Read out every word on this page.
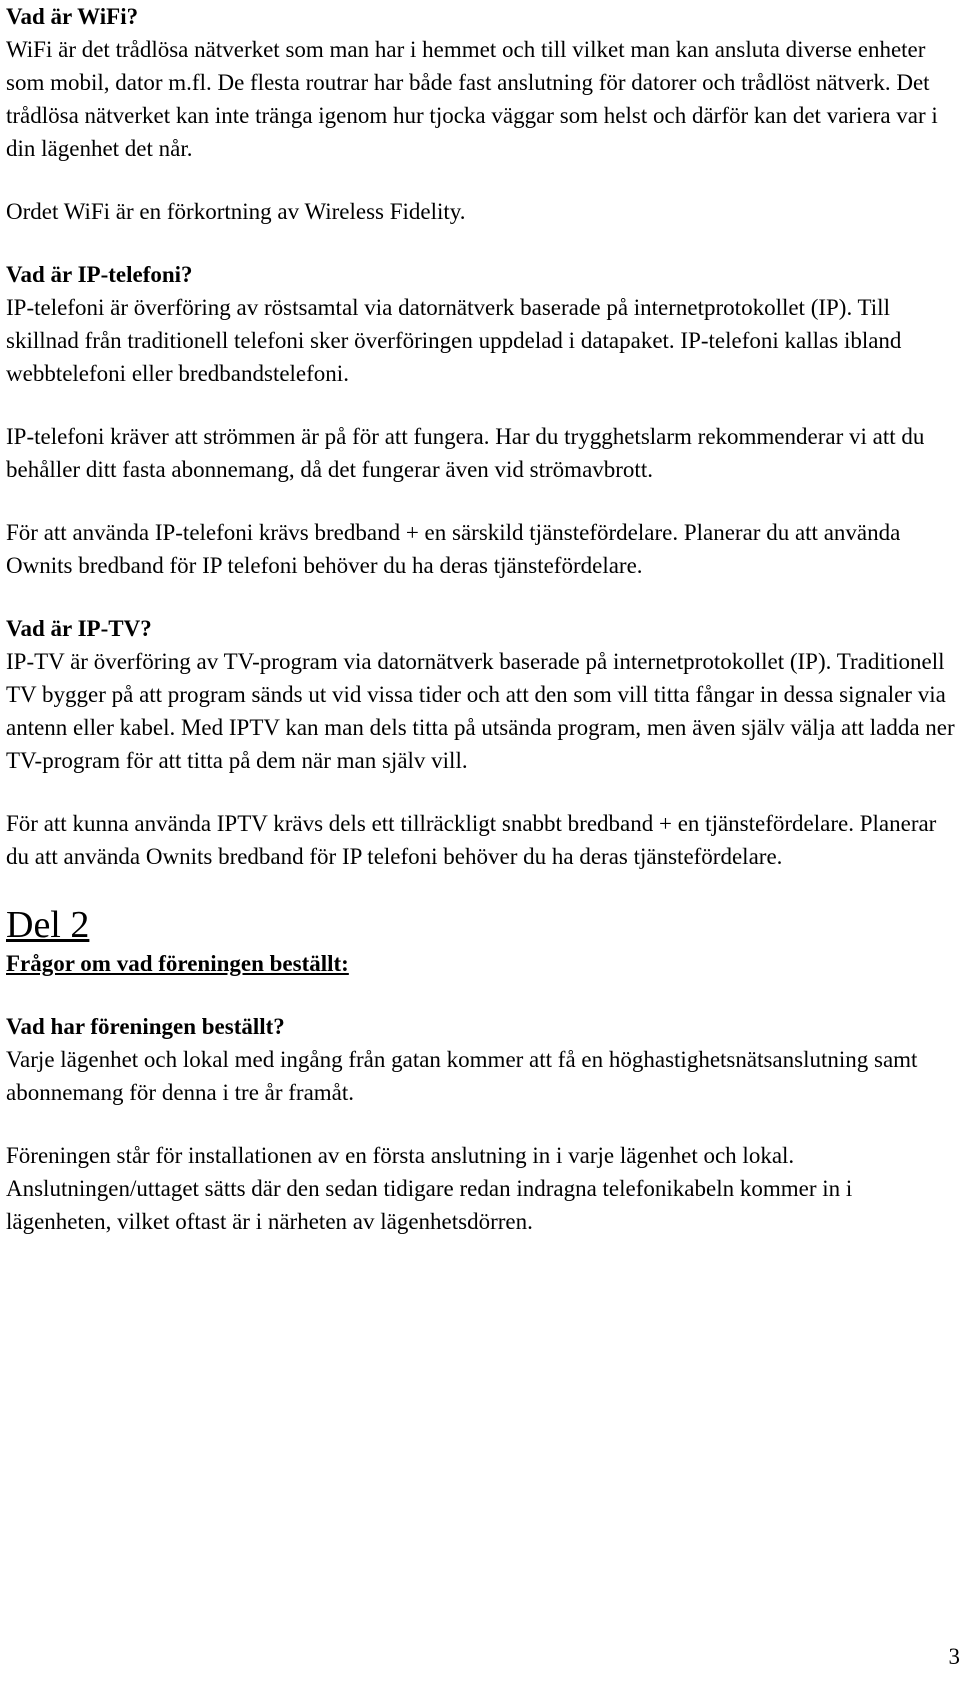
Vad är WiFi?

WiFi är det trådlösa nätverket som man har i hemmet och till vilket man kan ansluta diverse enheter som mobil, dator m.fl. De flesta routrar har både fast anslutning för datorer och trådlöst nätverk. Det trådlösa nätverket kan inte tränga igenom hur tjocka väggar som helst och därför kan det variera var i din lägenhet det når.

Ordet WiFi är en förkortning av Wireless Fidelity.

Vad är IP-telefoni?

IP-telefoni är överföring av röstsamtal via datornätverk baserade på internetprotokollet (IP). Till skillnad från traditionell telefoni sker överföringen uppdelad i datapaket. IP-telefoni kallas ibland webbtelefoni eller bredbandstelefoni.

IP-telefoni kräver att strömmen är på för att fungera. Har du trygghetslarm rekommenderar vi att du behåller ditt fasta abonnemang, då det fungerar även vid strömavbrott.

För att använda IP-telefoni krävs bredband + en särskild tjänstefördelare. Planerar du att använda Ownits bredband för IP telefoni behöver du ha deras tjänstefördelare.

Vad är IP-TV?

IP-TV är överföring av TV-program via datornätverk baserade på internetprotokollet (IP). Traditionell TV bygger på att program sänds ut vid vissa tider och att den som vill titta fångar in dessa signaler via antenn eller kabel. Med IPTV kan man dels titta på utsända program, men även själv välja att ladda ner TV-program för att titta på dem när man själv vill.

För att kunna använda IPTV krävs dels ett tillräckligt snabbt bredband + en tjänstefördelare. Planerar du att använda Ownits bredband för IP telefoni behöver du ha deras tjänstefördelare.

Del 2

Frågor om vad föreningen beställt:

Vad har föreningen beställt?

Varje lägenhet och lokal med ingång från gatan kommer att få en höghastighetsnätsanslutning samt abonnemang för denna i tre år framåt.

Föreningen står för installationen av en första anslutning in i varje lägenhet och lokal. Anslutningen/uttaget sätts där den sedan tidigare redan indragna telefonikabeln kommer in i lägenheten, vilket oftast är i närheten av lägenhetsdörren.

3
